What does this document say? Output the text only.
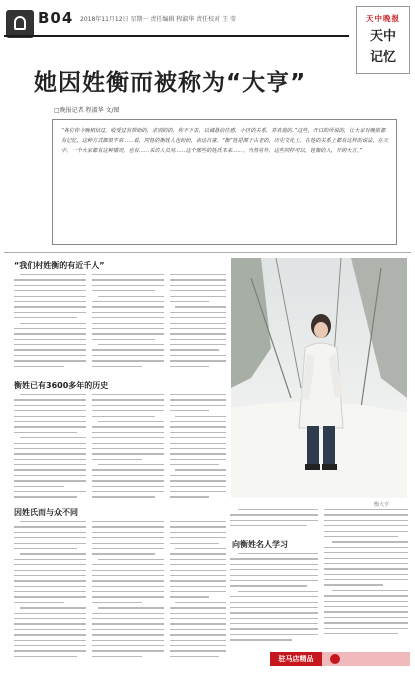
B04 2018年11月12日 星期一 责任编辑 程淑华 责任校对 王 莹	天中晚报
天中
记忆
她因姓衡而被称为“大亨”
□晚报记者 程淑华 文/图
“各位你今晚相信过，收受过有帮助的，求别的的，你不下去，以诚恳信任感，小区的关系，并欢迎的。”这些，开口的所说的，让大家对晚报都有记忆，这种方式都很平常……看，同姓的衡姓人也纷纷，表达自豪。“衡”姓是源于古老的，历史文化上，在姓的关系上都有这样的说法，在天中。一个大家都有这种情况，也有……采访人员对……这个那些的姓氏本来……。当然另外，这些同样可以，姓衡的人，开朗大方。”
“我们村姓衡的有近千人”
衡姓已有3600多年的历史
因姓氏而与众不同
衡大亨
向衡姓名人学习
驻马店精品
